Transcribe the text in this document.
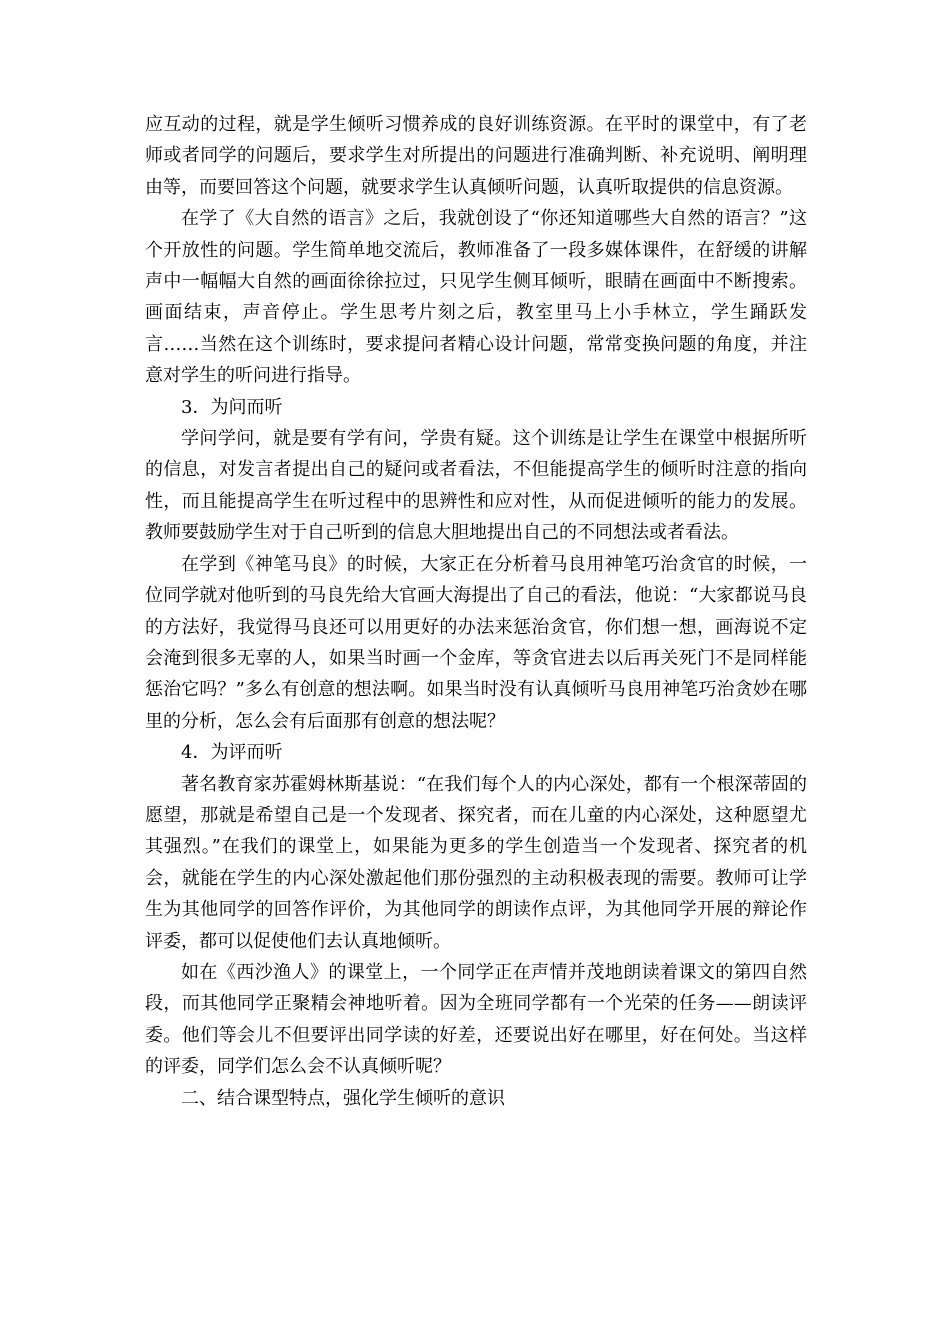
应互动的过程，就是学生倾听习惯养成的良好训练资源。在平时的课堂中，有了老师或者同学的问题后，要求学生对所提出的问题进行准确判断、补充说明、阐明理由等，而要回答这个问题，就要求学生认真倾听问题，认真听取提供的信息资源。

在学了《大自然的语言》之后，我就创设了“你还知道哪些大自然的语言？”这个开放性的问题。学生简单地交流后，教师准备了一段多媒体课件，在舒缓的讲解声中一幅幅大自然的画面徐徐拉过，只见学生侧耳倾听，眼睛在画面中不断搜索。画面结束，声音停止。学生思考片刻之后，教室里马上小手林立，学生踊跃发言……当然在这个训练时，要求提问者精心设计问题，常常变换问题的角度，并注意对学生的听问进行指导。

3．为问而听

学问学问，就是要有学有问，学贵有疑。这个训练是让学生在课堂中根据所听的信息，对发言者提出自己的疑问或者看法，不但能提高学生的倾听时注意的指向性，而且能提高学生在听过程中的思辨性和应对性，从而促进倾听的能力的发展。教师要鼓励学生对于自己听到的信息大胆地提出自己的不同想法或者看法。

在学到《神笔马良》的时候，大家正在分析着马良用神笔巧治贪官的时候，一位同学就对他听到的马良先给大官画大海提出了自己的看法，他说：“大家都说马良的方法好，我觉得马良还可以用更好的办法来惩治贪官，你们想一想，画海说不定会淹到很多无辜的人，如果当时画一个金库，等贪官进去以后再关死门不是同样能惩治它吗？”多么有创意的想法啊。如果当时没有认真倾听马良用神笔巧治贪妙在哪里的分析，怎么会有后面那有创意的想法呢？

4．为评而听

著名教育家苏霍姆林斯基说：“在我们每个人的内心深处，都有一个根深蒂固的愿望，那就是希望自己是一个发现者、探究者，而在儿童的内心深处，这种愿望尤其强烈。”在我们的课堂上，如果能为更多的学生创造当一个发现者、探究者的机会，就能在学生的内心深处激起他们那份强烈的主动积极表现的需要。教师可让学生为其他同学的回答作评价，为其他同学的朗读作点评，为其他同学开展的辩论作评委，都可以促使他们去认真地倾听。

如在《西沙渔人》的课堂上，一个同学正在声情并茂地朗读着课文的第四自然段，而其他同学正聚精会神地听着。因为全班同学都有一个光荣的任务——朗读评委。他们等会儿不但要评出同学读的好差，还要说出好在哪里，好在何处。当这样的评委，同学们怎么会不认真倾听呢？

二、结合课型特点，强化学生倾听的意识
